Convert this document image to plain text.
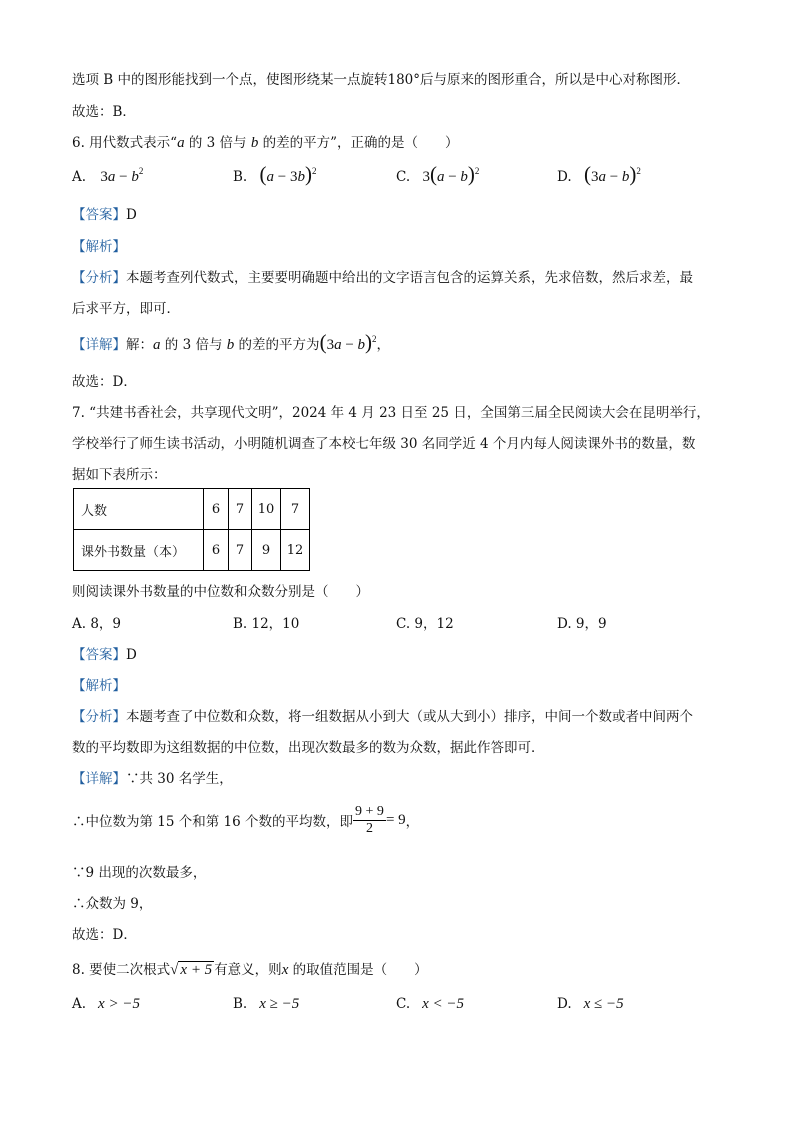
选项 B 中的图形能找到一个点，使图形绕某一点旋转180°后与原来的图形重合，所以是中心对称图形．
故选：B．
6. 用代数式表示“a 的 3 倍与 b 的差的平方”，正确的是（　　）
A. $3a - b^2$	B. $(a - 3b)^2$	C. $3(a - b)^2$	D. $(3a - b)^2$
【答案】D
【解析】
【分析】本题考查列代数式，主要要明确题中给出的文字语言包含的运算关系，先求倍数，然后求差，最
后求平方，即可．
【详解】解：a 的 3 倍与 b 的差的平方为$(3a - b)^2$，
故选：D．
7. “共建书香社会，共享现代文明”，2024 年 4 月 23 日至 25 日，全国第三届全民阅读大会在昆明举行，
学校举行了师生读书活动，小明随机调查了本校七年级 30 名同学近 4 个月内每人阅读课外书的数量，数
据如下表所示：
人数	6	7	10	7
课外书数量（本）	6	7	9	12
则阅读课外书数量的中位数和众数分别是（　　）
A. 8，9	B. 12，10	C. 9，12	D. 9，9
【答案】D
【解析】
【分析】本题考查了中位数和众数，将一组数据从小到大（或从大到小）排序，中间一个数或者中间两个
数的平均数即为这组数据的中位数，出现次数最多的数为众数，据此作答即可．
【详解】∵共 30 名学生，
∴中位数为第 15 个和第 16 个数的平均数，即 $\frac{9 + 9}{2} = 9$ ，
∵9 出现的次数最多，
∴众数为 9，
故选：D．
8. 要使二次根式√ x + 5 有意义，则x 的取值范围是（　　）
A. x > −5	B. x ≥ −5	C. x < −5	D. x ≤ −5
